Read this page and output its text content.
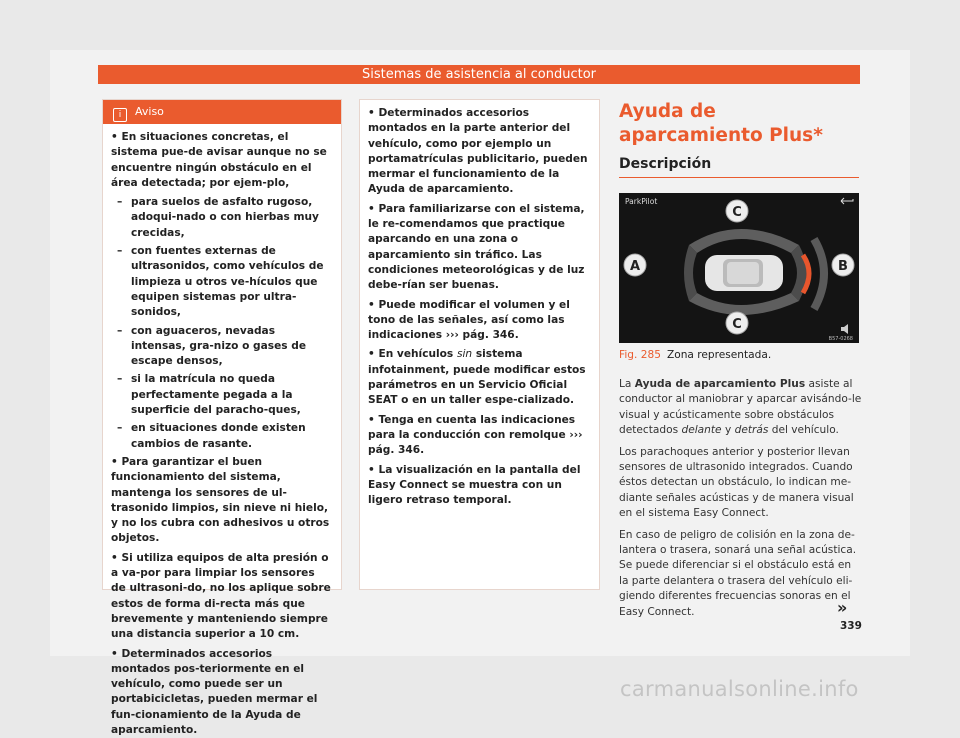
Sistemas de asistencia al conductor
i Aviso

• En situaciones concretas, el sistema pue-de avisar aunque no se encuentre ningún obstáculo en el área detectada; por ejem-plo,

– para suelos de asfalto rugoso, adoqui-nado o con hierbas muy crecidas,
– con fuentes externas de ultrasonidos, como vehículos de limpieza u otros ve-hículos que equipen sistemas por ultra-sonidos,
– con aguaceros, nevadas intensas, gra-nizo o gases de escape densos,
– si la matrícula no queda perfectamente pegada a la superficie del paracho-ques,
– en situaciones donde existen cambios de rasante.

• Para garantizar el buen funcionamiento del sistema, mantenga los sensores de ul-trasonido limpios, sin nieve ni hielo, y no los cubra con adhesivos u otros objetos.

• Si utiliza equipos de alta presión o a va-por para limpiar los sensores de ultrasoni-do, no los aplique sobre estos de forma di-recta más que brevemente y manteniendo siempre una distancia superior a 10 cm.

• Determinados accesorios montados pos-teriormente en el vehículo, como puede ser un portabicicletas, pueden mermar el fun-cionamiento de la Ayuda de aparcamiento.

• Determinados accesorios montados en la parte anterior del vehículo, como por ejemplo un portamatrículas publicitario, pueden mermar el funcionamiento de la Ayuda de aparcamiento.

• Para familiarizarse con el sistema, le re-comendamos que practique aparcando en una zona o aparcamiento sin tráfico. Las condiciones meteorológicas y de luz debe-rían ser buenas.

• Puede modificar el volumen y el tono de las señales, así como las indicaciones ››› pág. 346.

• En vehículos sin sistema infotainment, puede modificar estos parámetros en un Servicio Oficial SEAT o en un taller espe-cializado.

• Tenga en cuenta las indicaciones para la conducción con remolque ››› pág. 346.

• La visualización en la pantalla del Easy Connect se muestra con un ligero retraso temporal.

Ayuda de aparcamiento Plus*
Descripción
ParkPilot
C
A	B
C
B57-0268
Fig. 285 Zona representada.

La Ayuda de aparcamiento Plus asiste al conductor al maniobrar y aparcar avisándo-le visual y acústicamente sobre obstáculos detectados delante y detrás del vehículo.

Los parachoques anterior y posterior llevan sensores de ultrasonido integrados. Cuando éstos detectan un obstáculo, lo indican me-diante señales acústicas y de manera visual en el sistema Easy Connect.

En caso de peligro de colisión en la zona de-lantera o trasera, sonará una señal acústica. Se puede diferenciar si el obstáculo está en la parte delantera o trasera del vehículo eli-giendo diferentes frecuencias sonoras en el Easy Connect.	»
339
carmanualsonline.info
